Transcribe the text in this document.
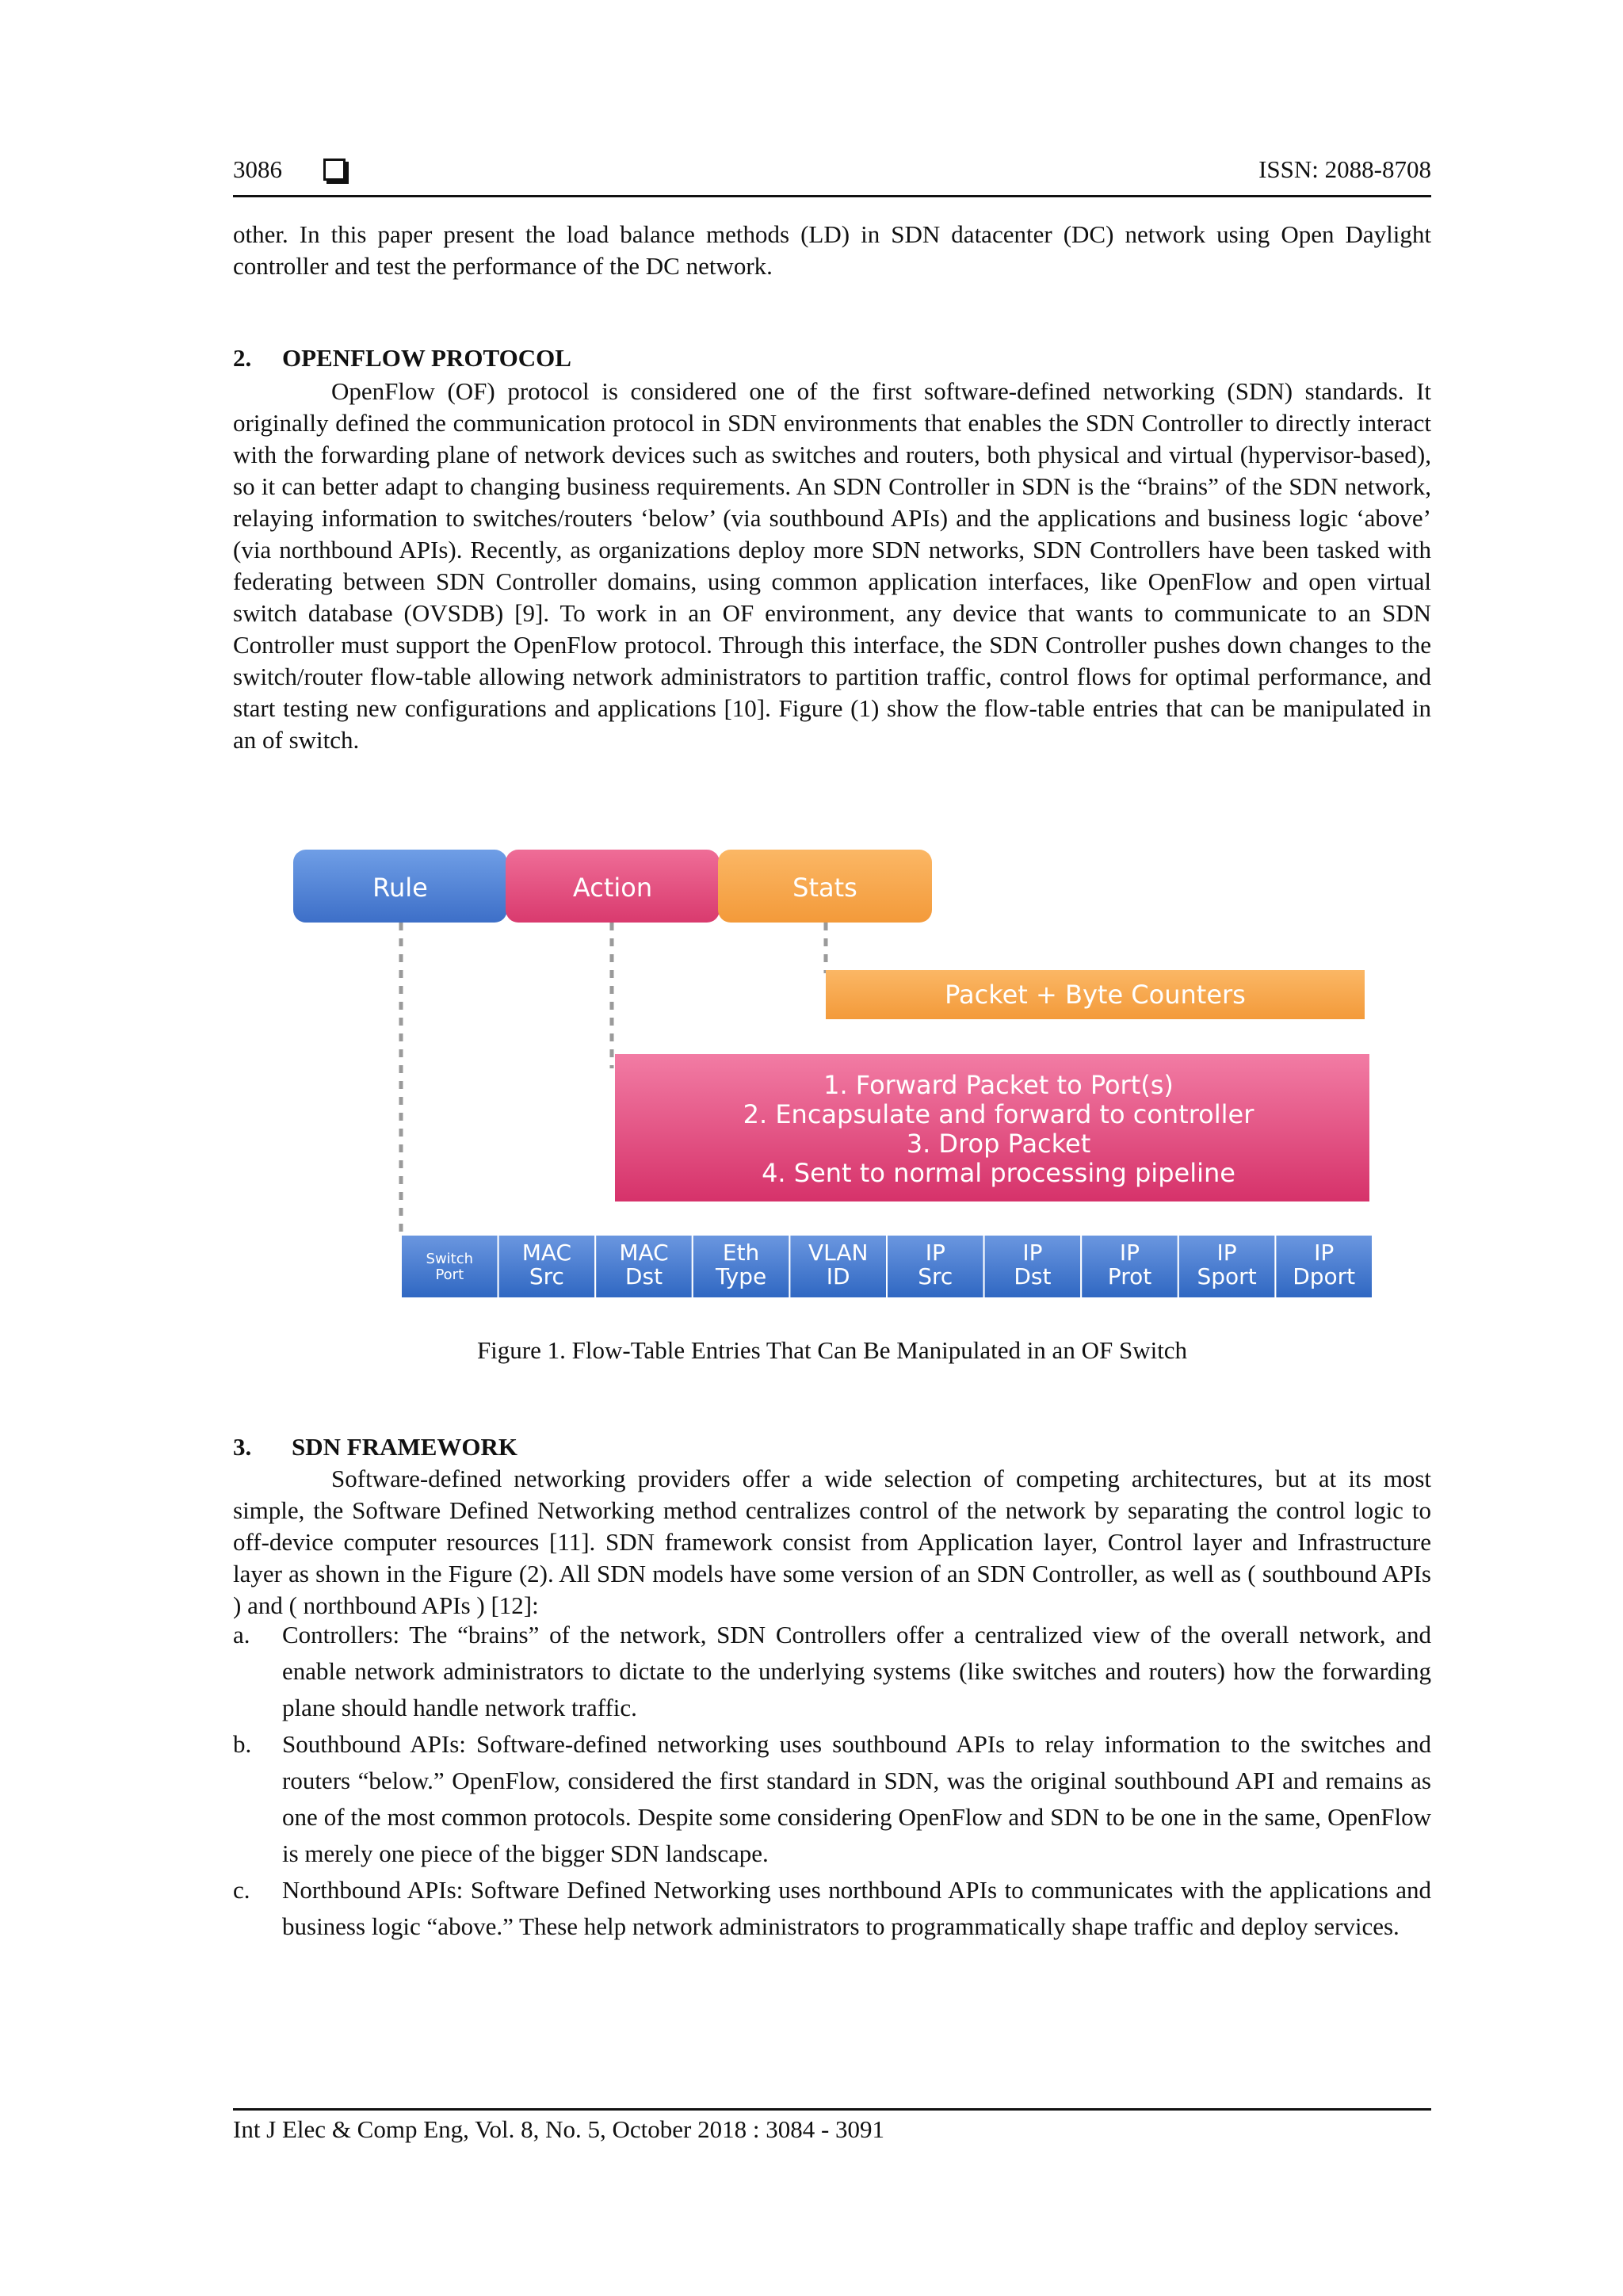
3086	ISSN: 2088-8708
other. In this paper present the load balance methods (LD) in SDN datacenter (DC) network using Open Daylight controller and test the performance of the DC network.
2. OPENFLOW PROTOCOL
OpenFlow (OF) protocol is considered one of the first software-defined networking (SDN) standards. It originally defined the communication protocol in SDN environments that enables the SDN Controller to directly interact with the forwarding plane of network devices such as switches and routers, both physical and virtual (hypervisor-based), so it can better adapt to changing business requirements. An SDN Controller in SDN is the “brains” of the SDN network, relaying information to switches/routers ‘below’ (via southbound APIs) and the applications and business logic ‘above’ (via northbound APIs). Recently, as organizations deploy more SDN networks, SDN Controllers have been tasked with federating between SDN Controller domains, using common application interfaces, like OpenFlow and open virtual switch database (OVSDB) [9]. To work in an OF environment, any device that wants to communicate to an SDN Controller must support the OpenFlow protocol. Through this interface, the SDN Controller pushes down changes to the switch/router flow-table allowing network administrators to partition traffic, control flows for optimal performance, and start testing new configurations and applications [10]. Figure (1) show the flow-table entries that can be manipulated in an of switch.
Rule	Action	Stats
Packet + Byte Counters
1. Forward Packet to Port(s)
2. Encapsulate and forward to controller
3. Drop Packet
4. Sent to normal processing pipeline
Switch
Port
MAC
Src
MAC
Dst
Eth
Type
VLAN
ID
IP
Src
IP
Dst
IP
Prot
IP
Sport
IP
Dport
Figure 1. Flow-Table Entries That Can Be Manipulated in an OF Switch
3. SDN FRAMEWORK
Software-defined networking providers offer a wide selection of competing architectures, but at its most simple, the Software Defined Networking method centralizes control of the network by separating the control logic to off-device computer resources [11]. SDN framework consist from Application layer, Control layer and Infrastructure layer as shown in the Figure (2). All SDN models have some version of an SDN Controller, as well as ( southbound APIs ) and ( northbound APIs ) [12]:
a. Controllers: The “brains” of the network, SDN Controllers offer a centralized view of the overall network, and enable network administrators to dictate to the underlying systems (like switches and routers) how the forwarding plane should handle network traffic.
b. Southbound APIs: Software-defined networking uses southbound APIs to relay information to the switches and routers “below.” OpenFlow, considered the first standard in SDN, was the original southbound API and remains as one of the most common protocols. Despite some considering OpenFlow and SDN to be one in the same, OpenFlow is merely one piece of the bigger SDN landscape.
c. Northbound APIs: Software Defined Networking uses northbound APIs to communicates with the applications and business logic “above.” These help network administrators to programmatically shape traffic and deploy services.
Int J Elec & Comp Eng, Vol. 8, No. 5, October 2018 : 3084 - 3091
